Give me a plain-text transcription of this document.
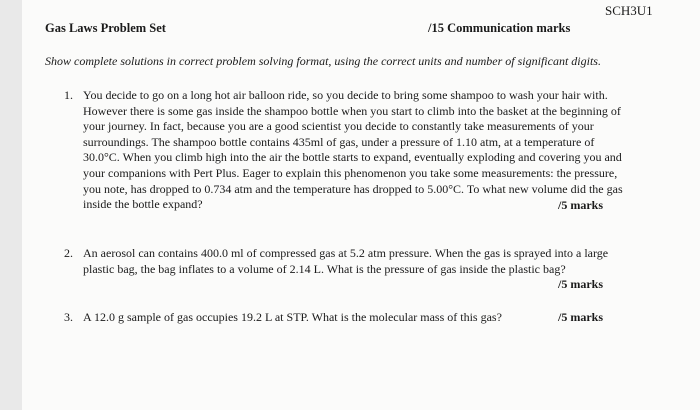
SCH3U1
Gas Laws Problem Set	/15 Communication marks
Show complete solutions in correct problem solving format, using the correct units and number of significant digits.
1. You decide to go on a long hot air balloon ride, so you decide to bring some shampoo to wash your hair with.
However there is some gas inside the shampoo bottle when you start to climb into the basket at the beginning of
your journey. In fact, because you are a good scientist you decide to constantly take measurements of your
surroundings. The shampoo bottle contains 435ml of gas, under a pressure of 1.10 atm, at a temperature of
30.0°C. When you climb high into the air the bottle starts to expand, eventually exploding and covering you and
your companions with Pert Plus. Eager to explain this phenomenon you take some measurements: the pressure,
you note, has dropped to 0.734 atm and the temperature has dropped to 5.00°C. To what new volume did the gas
inside the bottle expand?	/5 marks
2. An aerosol can contains 400.0 ml of compressed gas at 5.2 atm pressure. When the gas is sprayed into a large
plastic bag, the bag inflates to a volume of 2.14 L. What is the pressure of gas inside the plastic bag?
/5 marks
3. A 12.0 g sample of gas occupies 19.2 L at STP. What is the molecular mass of this gas?	/5 marks
